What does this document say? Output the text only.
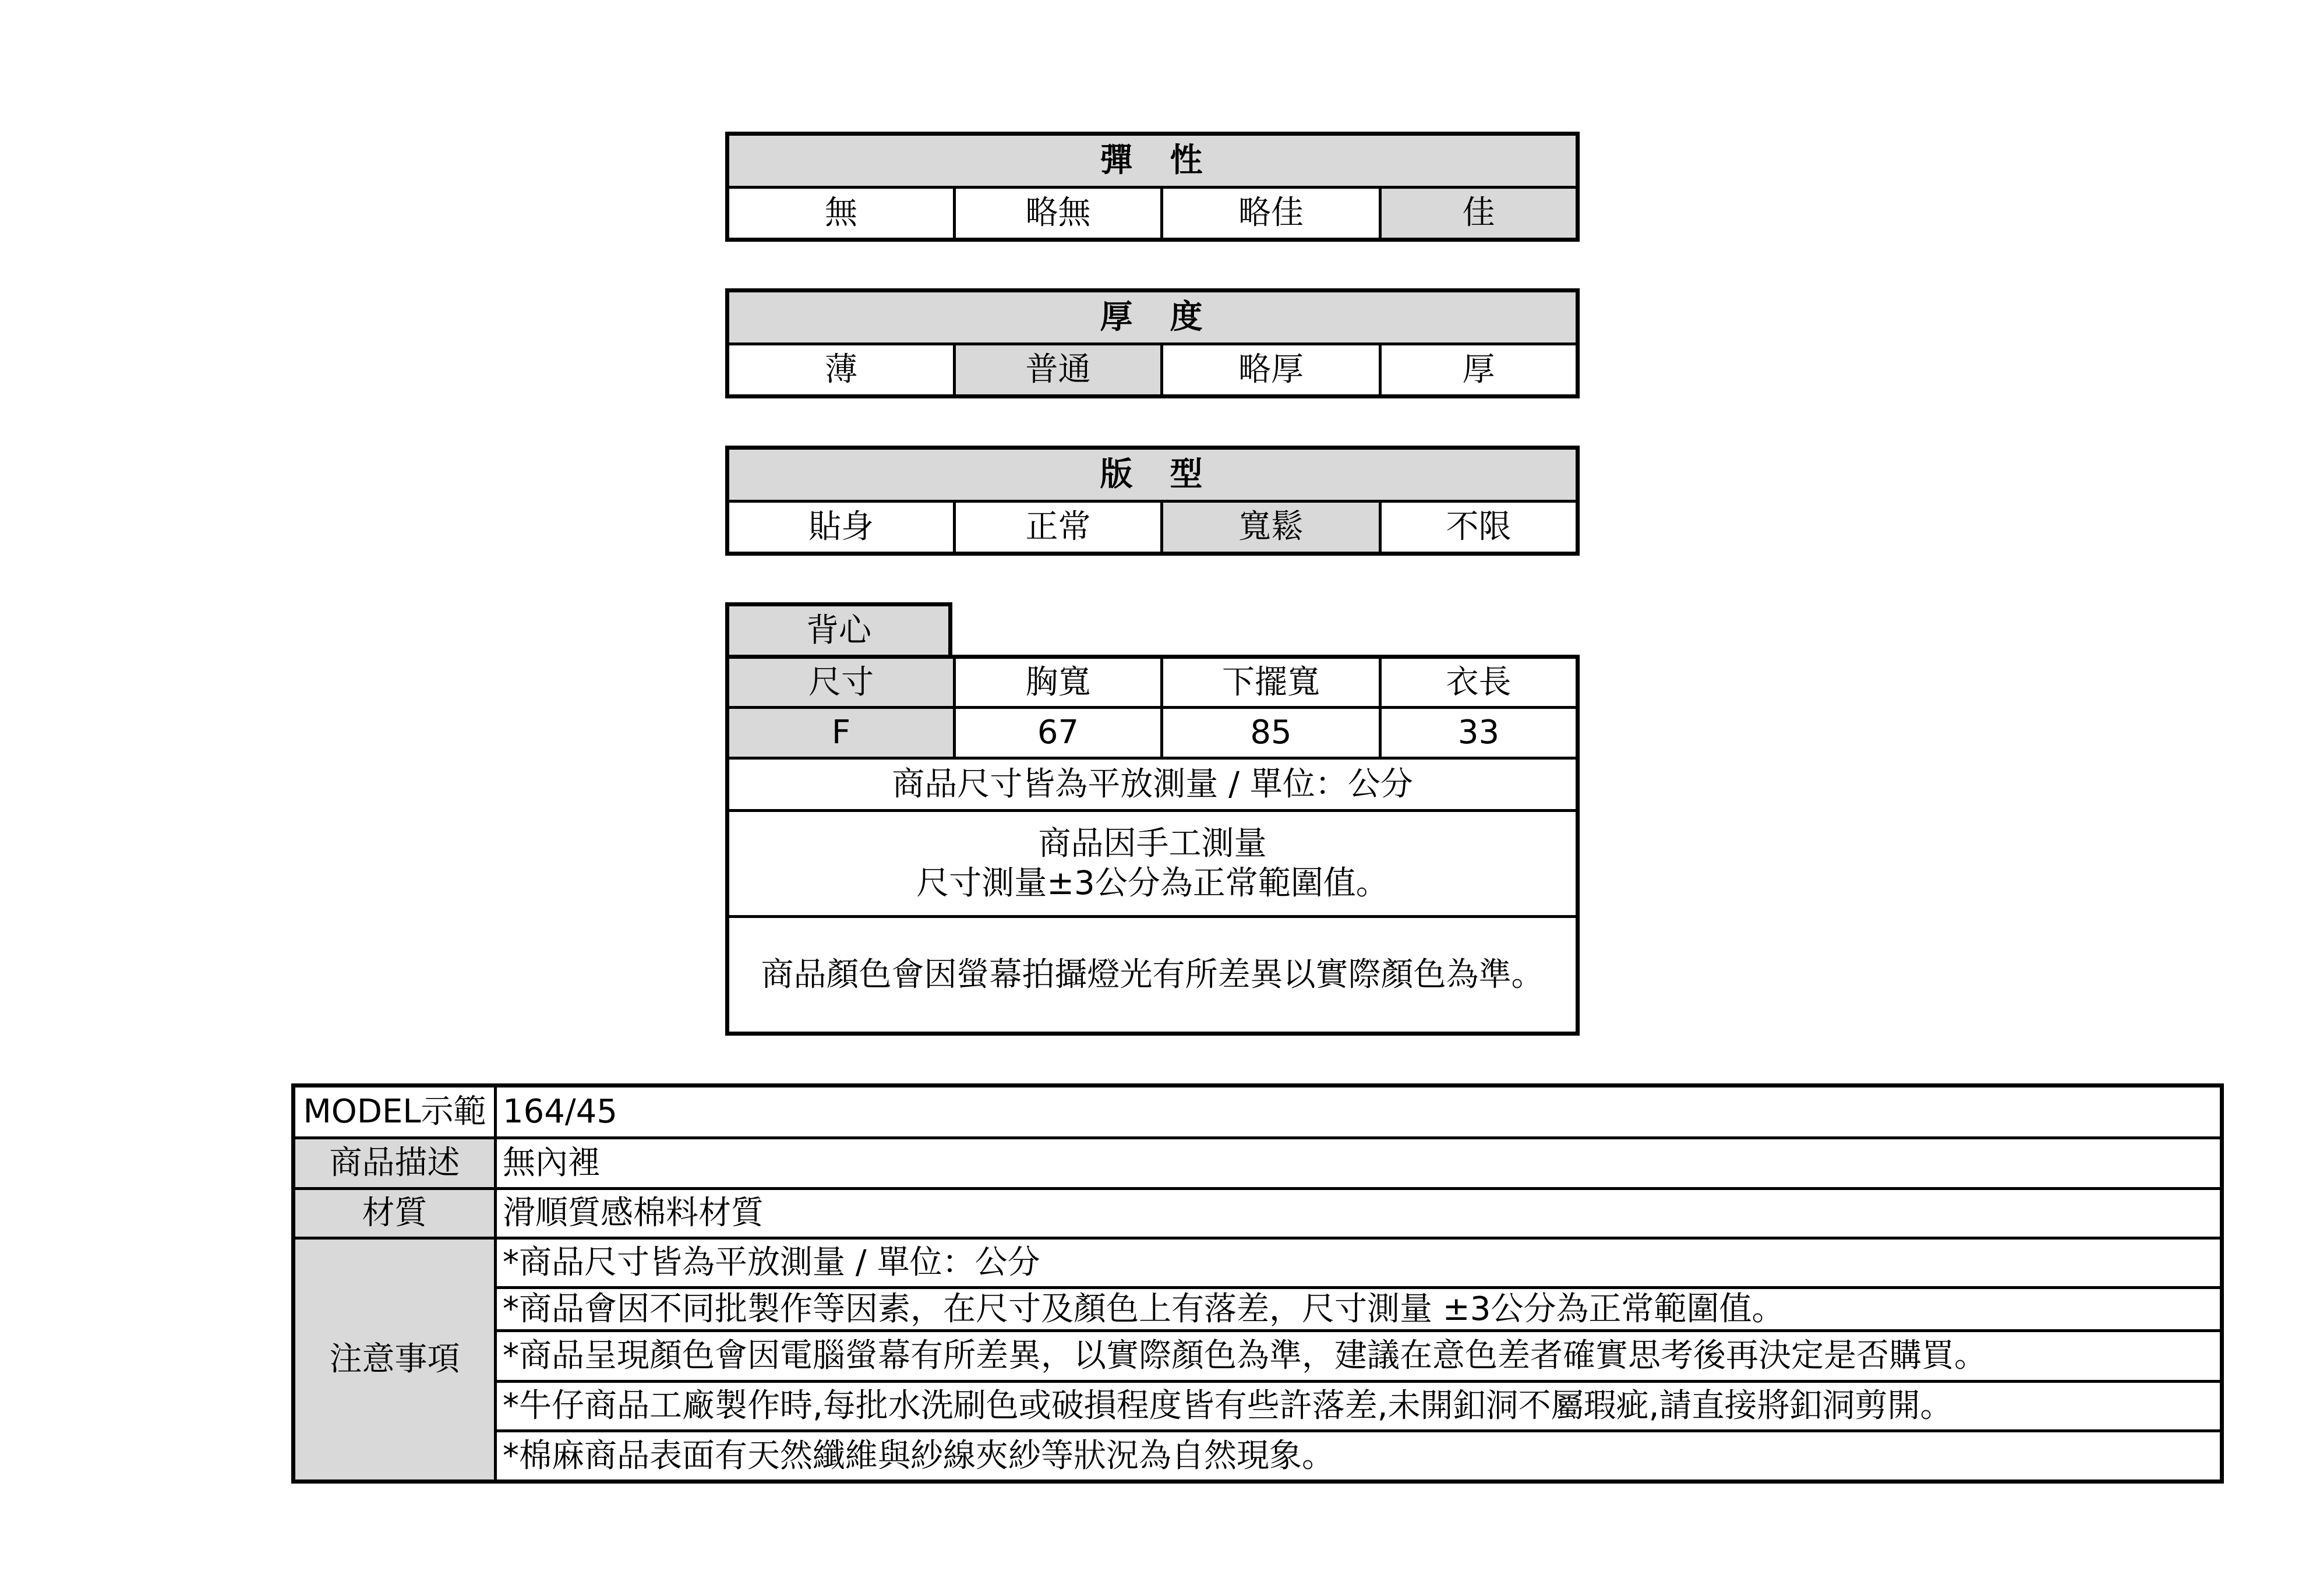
彈　性
無	略無	略佳	佳
厚　度
薄	普通	略厚	厚
版　型
貼身	正常	寬鬆	不限
背心
尺寸	胸寬	下擺寬	衣長
F	67	85	33
商品尺寸皆為平放測量 / 單位：公分			

商品因手工測量
尺寸測量±3公分為正常範圍值。			

商品顏色會因螢幕拍攝燈光有所差異以實際顏色為準。			
MODEL示範	164/45
商品描述	無內裡
材質	滑順質感棉料材質
注意事項	*商品尺寸皆為平放測量 / 單位：公分
	*商品會因不同批製作等因素，在尺寸及顏色上有落差，尺寸測量 ±3公分為正常範圍值。
	*商品呈現顏色會因電腦螢幕有所差異，以實際顏色為準，建議在意色差者確實思考後再決定是否購買。
	*牛仔商品工廠製作時,每批水洗刷色或破損程度皆有些許落差,未開釦洞不屬瑕疵,請直接將釦洞剪開。
	*棉麻商品表面有天然纖維與紗線夾紗等狀況為自然現象。
